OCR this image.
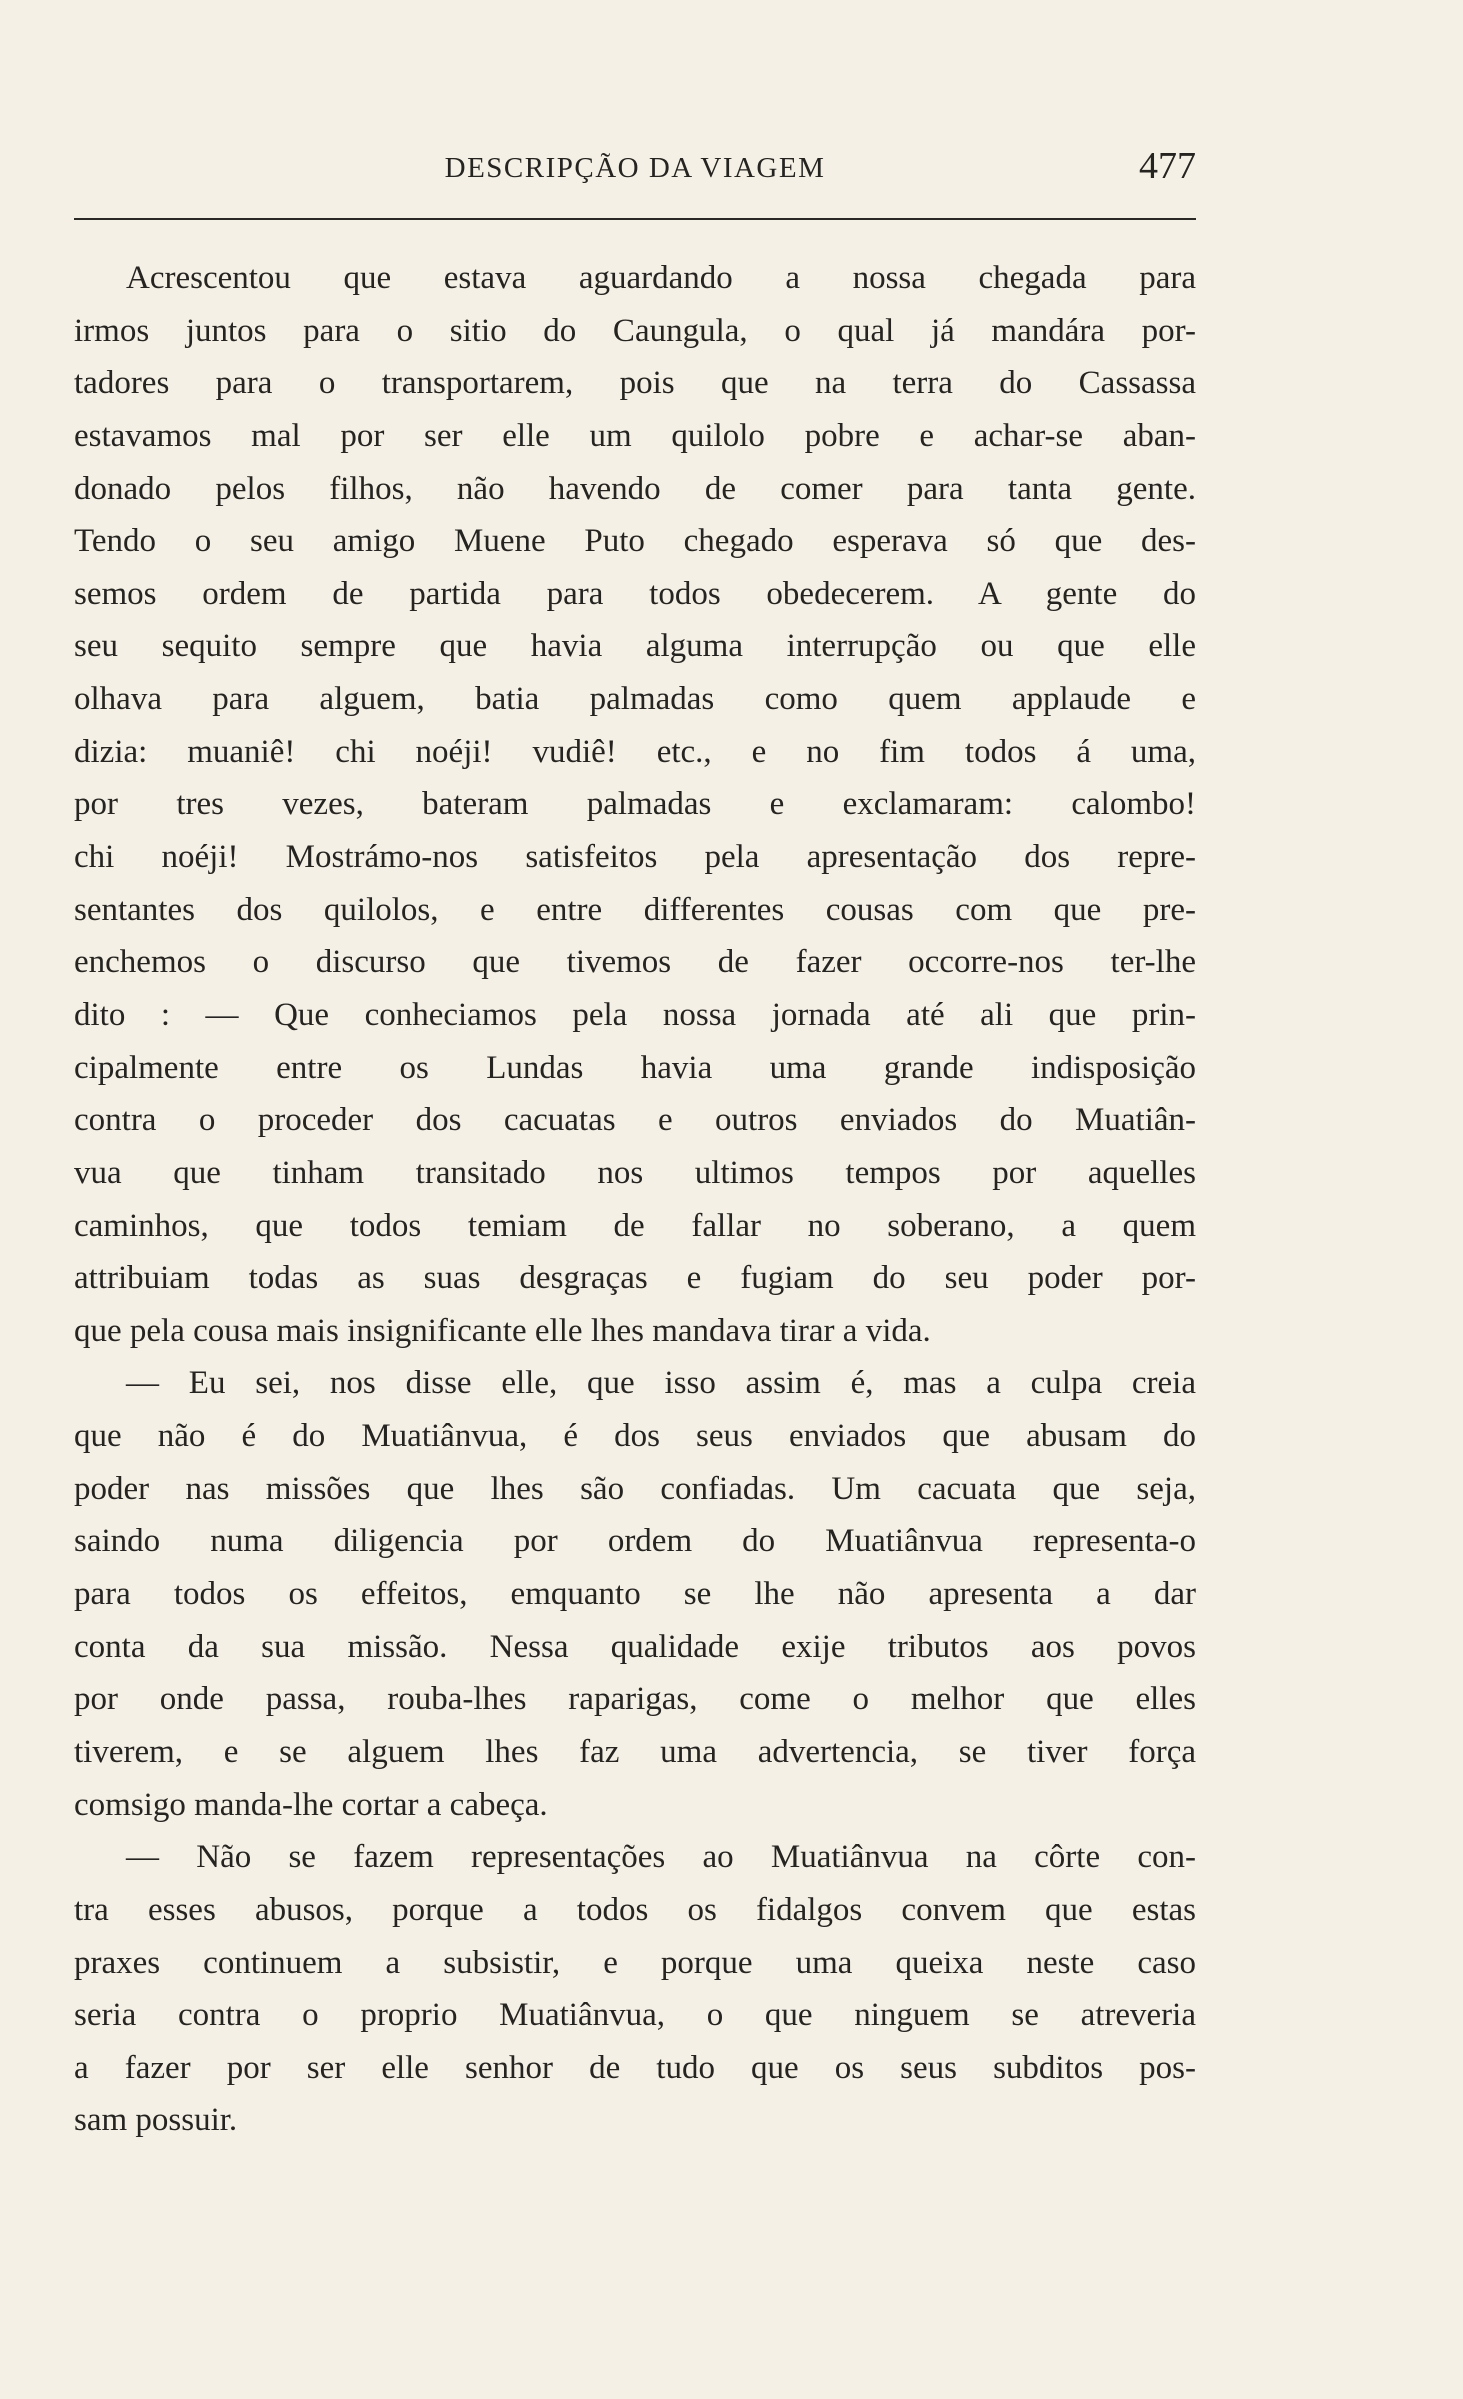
DESCRIPÇÃO DA VIAGEM	477
Acrescentou que estava aguardando a nossa chegada para
irmos juntos para o sitio do Caungula, o qual já mandára por-
tadores para o transportarem, pois que na terra do Cassassa
estavamos mal por ser elle um quilolo pobre e achar-se aban-
donado pelos filhos, não havendo de comer para tanta gente.
Tendo o seu amigo Muene Puto chegado esperava só que des-
semos ordem de partida para todos obedecerem. A gente do
seu sequito sempre que havia alguma interrupção ou que elle
olhava para alguem, batia palmadas como quem applaude e
dizia: muaniê! chi noéji! vudiê! etc., e no fim todos á uma,
por tres vezes, bateram palmadas e exclamaram: calombo!
chi noéji! Mostrámo-nos satisfeitos pela apresentação dos repre-
sentantes dos quilolos, e entre differentes cousas com que pre-
enchemos o discurso que tivemos de fazer occorre-nos ter-lhe
dito : — Que conheciamos pela nossa jornada até ali que prin-
cipalmente entre os Lundas havia uma grande indisposição
contra o proceder dos cacuatas e outros enviados do Muatiân-
vua que tinham transitado nos ultimos tempos por aquelles
caminhos, que todos temiam de fallar no soberano, a quem
attribuiam todas as suas desgraças e fugiam do seu poder por-
que pela cousa mais insignificante elle lhes mandava tirar a vida.
— Eu sei, nos disse elle, que isso assim é, mas a culpa creia
que não é do Muatiânvua, é dos seus enviados que abusam do
poder nas missões que lhes são confiadas. Um cacuata que seja,
saindo numa diligencia por ordem do Muatiânvua representa-o
para todos os effeitos, emquanto se lhe não apresenta a dar
conta da sua missão. Nessa qualidade exije tributos aos povos
por onde passa, rouba-lhes raparigas, come o melhor que elles
tiverem, e se alguem lhes faz uma advertencia, se tiver força
comsigo manda-lhe cortar a cabeça.
— Não se fazem representações ao Muatiânvua na côrte con-
tra esses abusos, porque a todos os fidalgos convem que estas
praxes continuem a subsistir, e porque uma queixa neste caso
seria contra o proprio Muatiânvua, o que ninguem se atreveria
a fazer por ser elle senhor de tudo que os seus subditos pos-
sam possuir.
